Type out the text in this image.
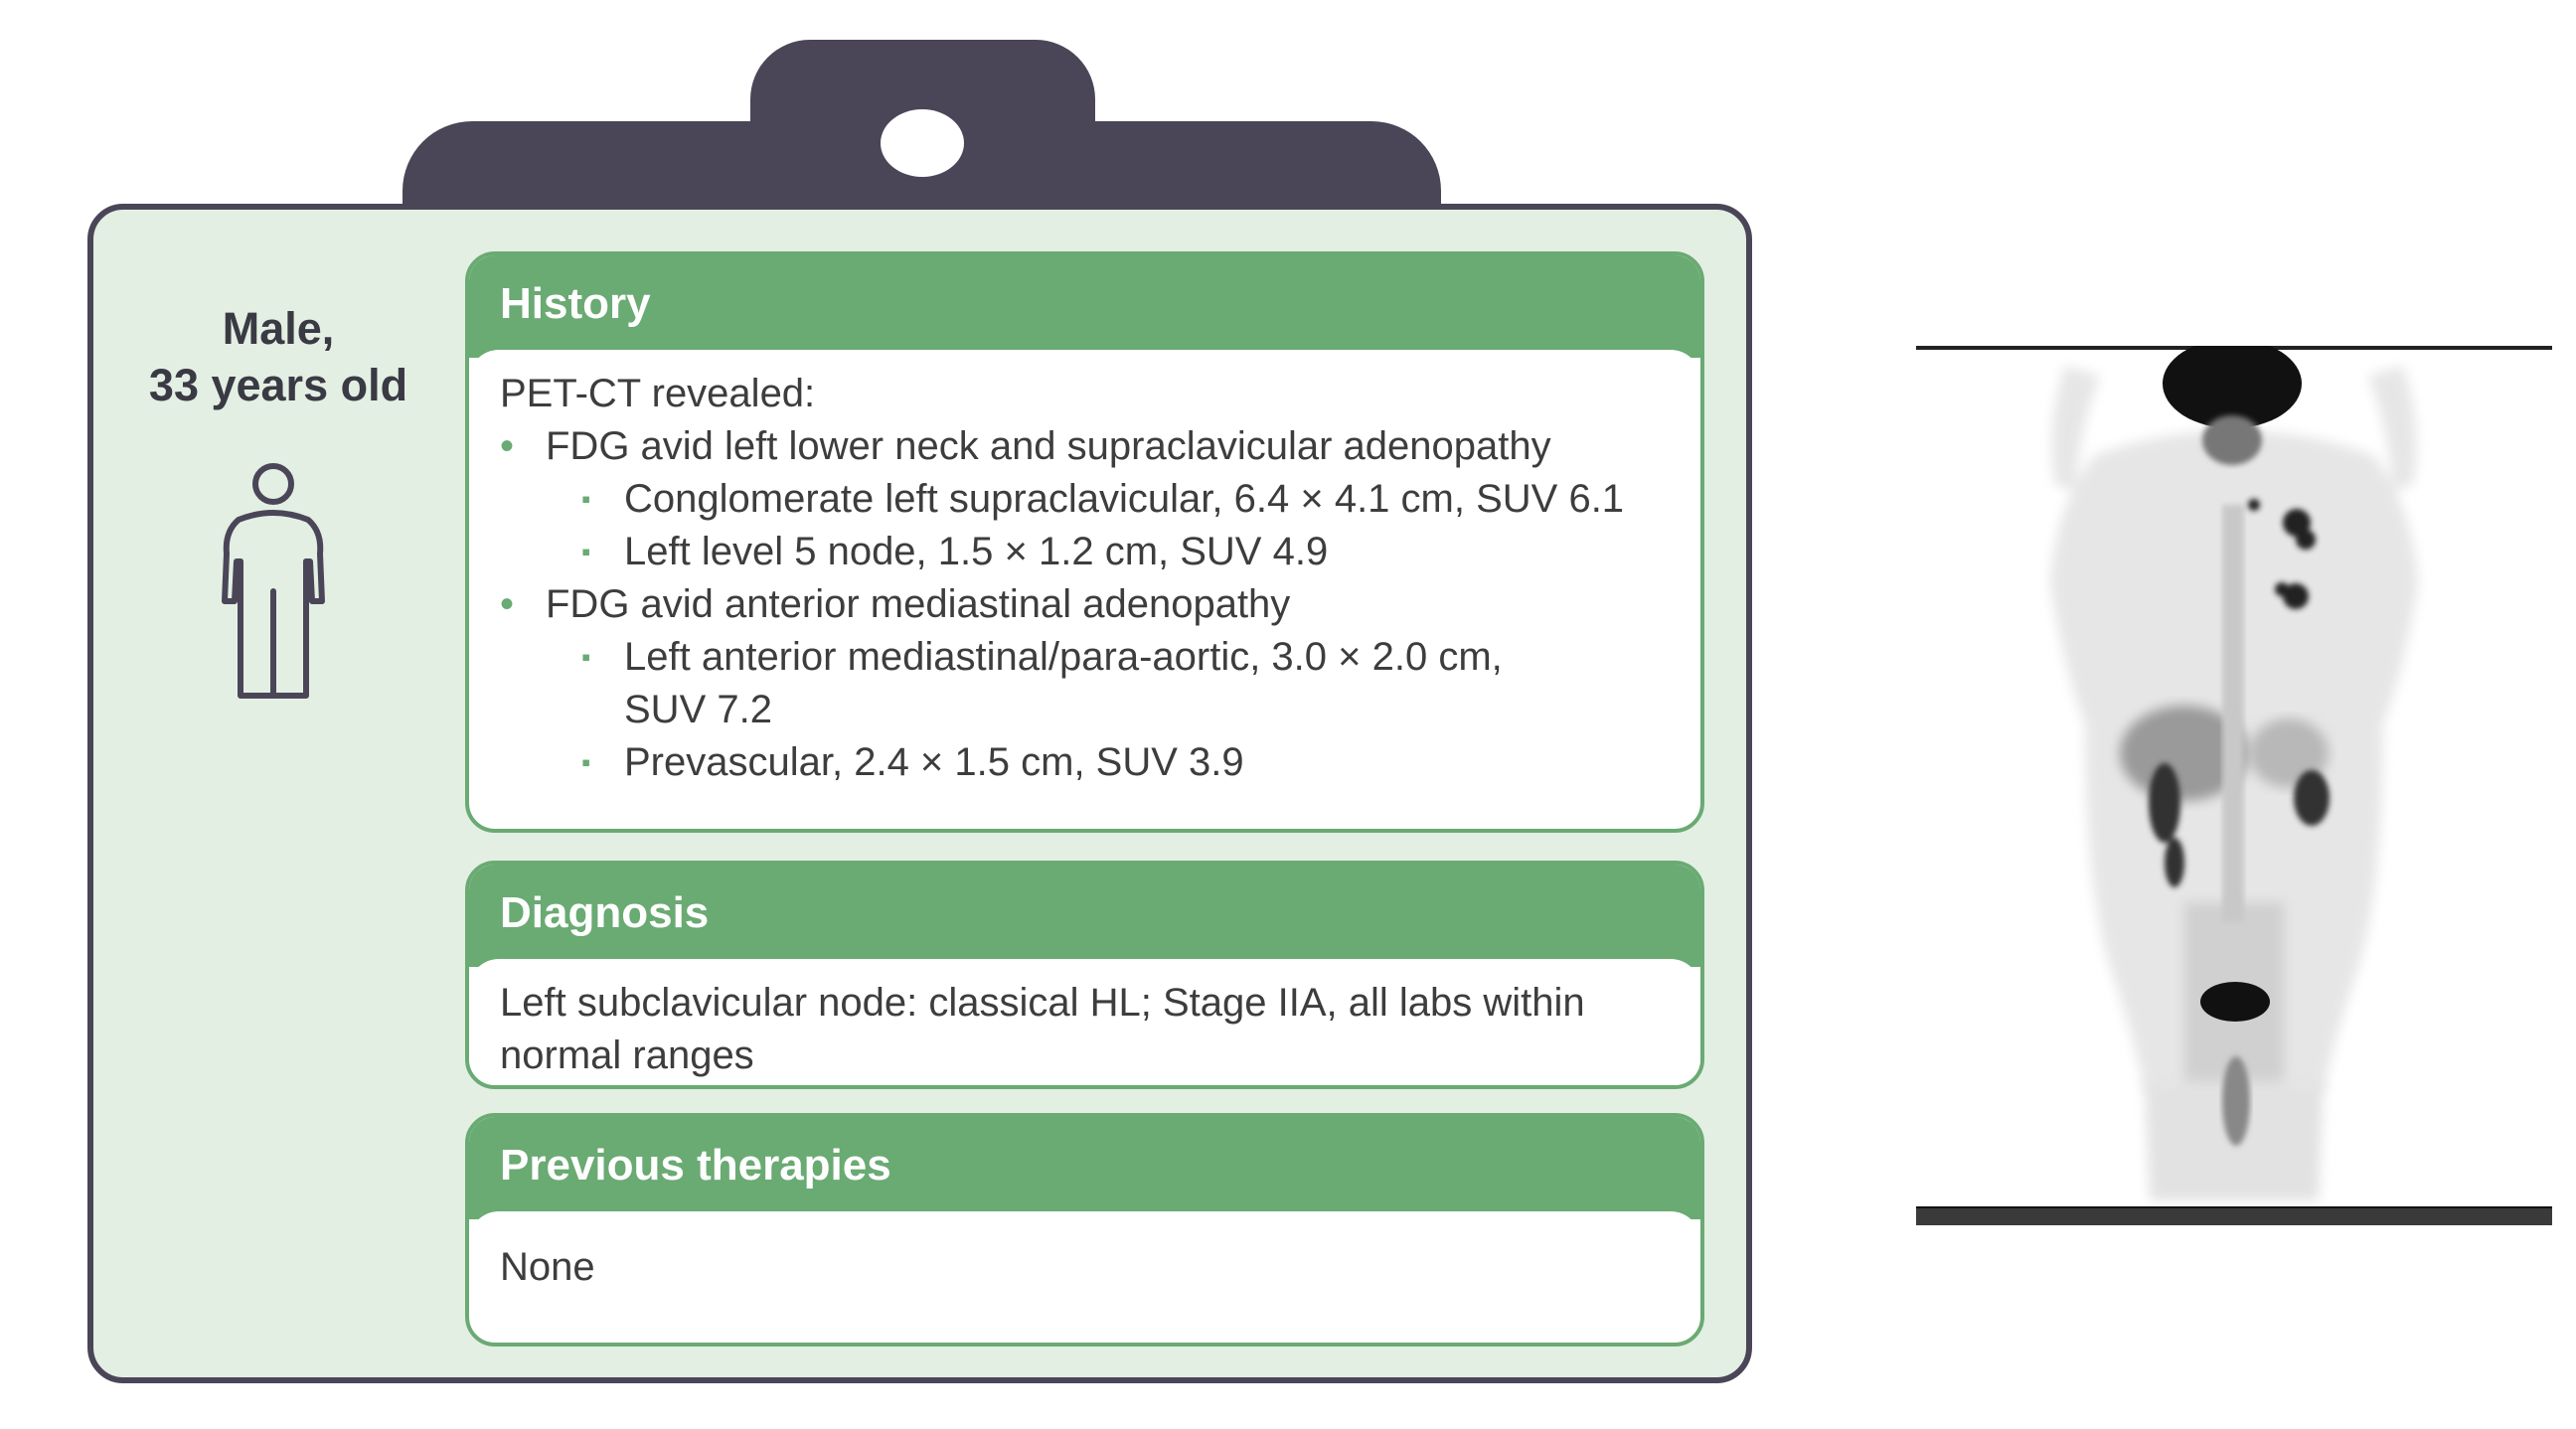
Male,
33 years old
History

PET-CT revealed:

• FDG avid left lower neck and supraclavicular adenopathy
▪ Conglomerate left supraclavicular, 6.4 × 4.1 cm, SUV 6.1
▪ Left level 5 node, 1.5 × 1.2 cm, SUV 4.9
• FDG avid anterior mediastinal adenopathy
▪ Left anterior mediastinal/para-aortic, 3.0 × 2.0 cm, SUV 7.2
▪ Prevascular, 2.4 × 1.5 cm, SUV 3.9
Diagnosis

Left subclavicular node: classical HL; Stage IIA, all labs within normal ranges

Previous therapies

None
